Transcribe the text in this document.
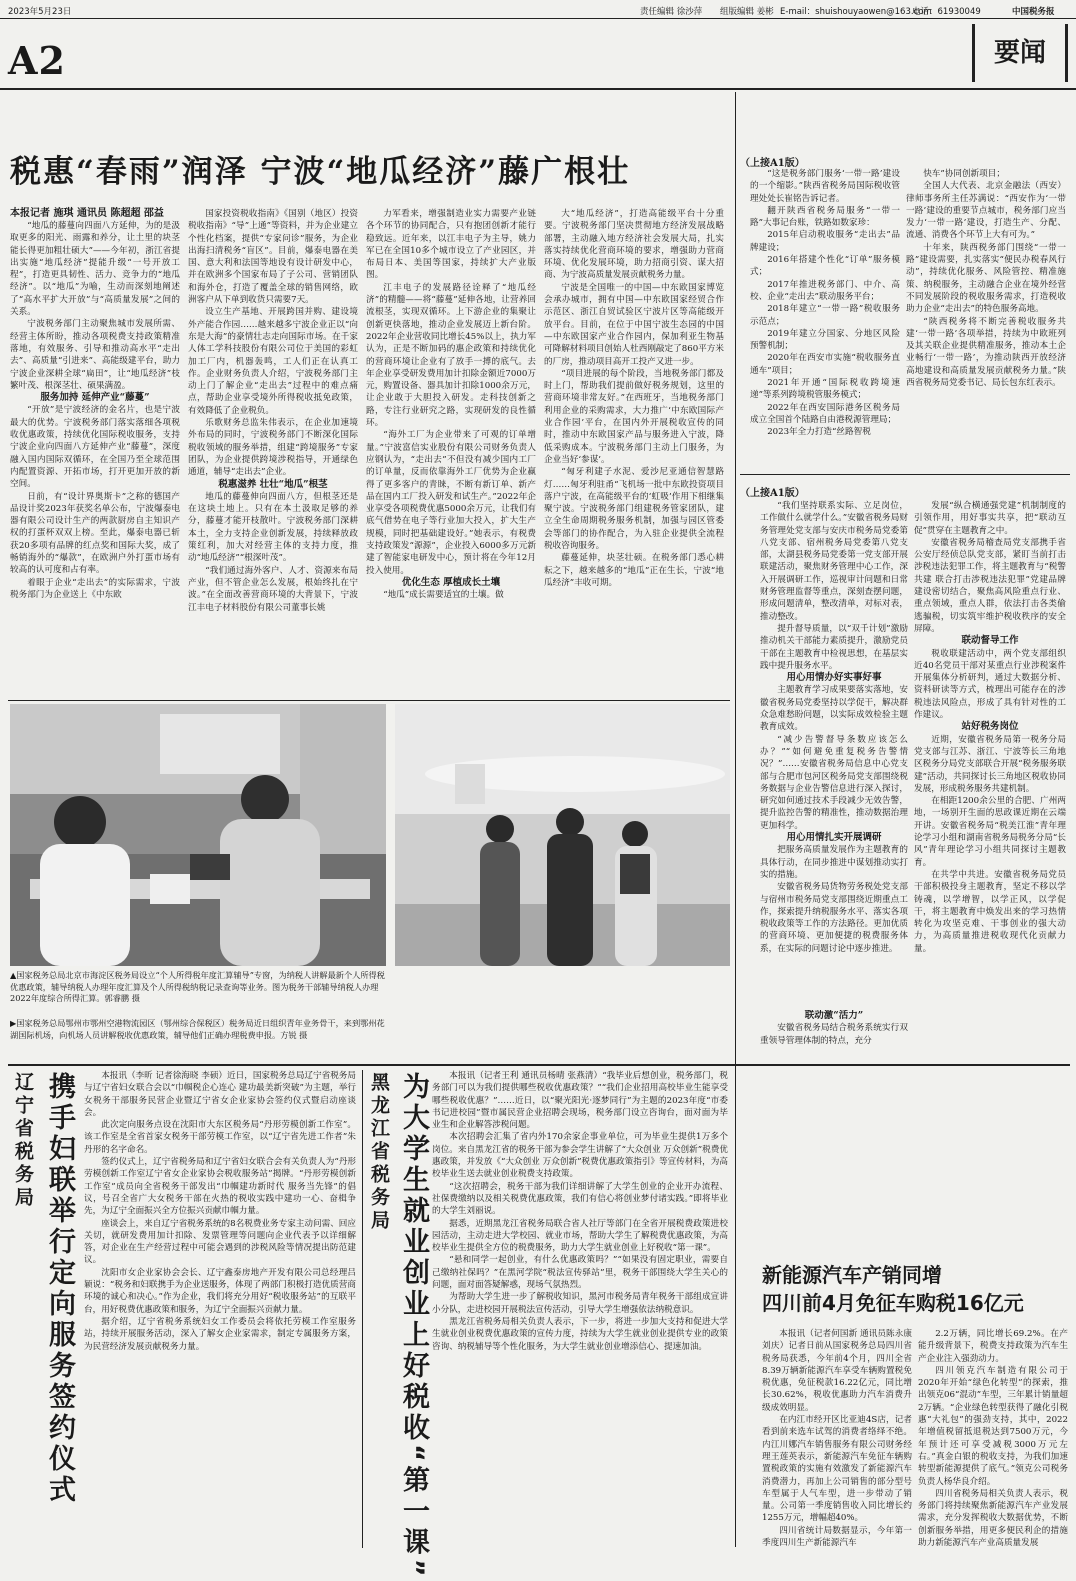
2023年5月23日	责任编辑 徐沙萍 组版编辑 姜彬 E-mail：shuishouyaowen@163.com
电话：61930049	中国税务报
A2	要闻
税惠“春雨”润泽 宁波“地瓜经济”藤广根壮
本报记者 施琪 通讯员 陈超超 邵益

“地瓜的藤蔓向四面八方延伸，为的是汲取更多的阳光、雨露和养分，让土里的块茎能长得更加粗壮硕大”——今年初，浙江省提出实施“地瓜经济”提能升级“一号开放工程”，打造更具韧性、活力、竞争力的“地瓜经济”。以“地瓜”为喻，生动而深刻地阐述了“高水平扩大开放”与“高质量发展”之间的关系。

宁波税务部门主动聚焦城市发展所需、经营主体所盼，推动各项税费支持政策精准落地，有效服务、引导和推动高水平“走出去”、高质量“引进来”、高能级建平台，助力宁波企业深耕全球“扁田”，让“地瓜经济”枝繁叶茂、根深茎壮、硕果满盈。

服务加持 延伸产业“藤蔓”

“开放”是宁波经济的金名片，也是宁波最大的优势。宁波税务部门落实落细各项税收优惠政策，持续优化国际税收服务，支持宁波企业向四面八方延伸产业“藤蔓”，深度融入国内国际双循环，在全国乃至全球范围内配置资源、开拓市场，打开更加开放的新空间。

日前，有“设计界奥斯卡”之称的德国产品设计奖2023年获奖名单公布，宁波爆泰电器有限公司设计生产的两款厨房自主知识产权的打蛋杯双双上榜。至此，爆泰电器已斩获20多项有品牌的红点奖和国际大奖，成了畅销海外的“爆款”，在欧洲户外打蛋市场有较高的认可度和占有率。

着眼于企业“走出去”的实际需求，宁波税务部门为企业送上《中东欧

国家投资税收指南》《国别（地区）投资税收指南》“导”上通”等资料，并为企业建立个性化档案，提供“专家问诊”服务，为企业出海扫清税务“盲区”。目前，爆泰电器在美国、意大利和法国等地设有设计研发中心，并在欧洲多个国家布局了子公司、营销团队和海外仓，打造了覆盖全球的销售网络，欧洲客户从下单到收货只需要7天。

设立生产基地、开展跨国并购、建设境外产能合作园……越来越多宁波企业正以“向东是大海”的豪情壮志走向国际市场。在千家人体工学科技股份有限公司位于美国的彩虹加工厂内，机器轰鸣，工人们正在认真工作。企业财务负责人介绍，宁波税务部门主动上门了解企业“走出去”过程中的难点痛点，帮助企业享受境外所得税收抵免政策，有效降低了企业税负。

乐歌财务总监朱伟表示，在企业加速境外布局的同时，宁波税务部门不断深化国际税收领域的服务举措，组建“跨境服务”专家团队，为企业提供跨境涉税指导，开通绿色通道，辅导“走出去”企业。

税惠滋养 壮壮“地瓜”根茎

地瓜的藤蔓伸向四面八方，但根茎还是在这块土地上。只有在本土汲取足够的养分，藤蔓才能开枝散叶。宁波税务部门深耕本土，全力支持企业创新发展，持续释放政策红利，加大对经营主体的支持力度，推动“地瓜经济”“根深叶茂”。

“我们通过海外客户、人才、资源来布局产业，但不管企业怎么发展，根始终扎在宁波。”在全面改善营商环境的大背景下，宁波江丰电子材料股份有限公司董事长姚

力军看来，增强制造业实力需要产业链各个环节的协同配合，只有抱团创新才能行稳致远。近年来，以江丰电子为主导，姚力军已在全国10多个城市设立了产业园区，并布局日本、美国等国家，持续扩大产业版图。

江丰电子的发展路径诠释了“地瓜经济”的精髓——将“藤蔓”延伸各地，让营养回流根茎，实现双循环。上下游企业的集聚让创新更快落地，推动企业发展迈上新台阶。2022年企业营收同比增长45%以上，执力军认为，正是不断加码的惠企政策和持续优化的营商环境让企业有了放手一搏的底气。去年企业享受研发费用加计扣除金额近7000万元，购置设备、器具加计扣除1000余万元，让企业敢于大胆投入研发。走科技创新之路，专注行业研究之路，实现研发的良性循环。

“海外工厂为企业带来了可观的订单增量。”宁波富信实业股份有限公司财务负责人应钢认为，“走出去”不但没有减少国内工厂的订单量，反而依靠海外工厂优势为企业赢得了更多客户的青睐，不断有新订单、新产品在国内工厂投入研发和试生产。”2022年企业享受各项税费优惠5000余万元，让我们有底气借势在电子等行业加大投入，扩大生产规模，同时把基础建设好。”她表示，有税费支持政策发“源源”，企业投入6000多万元新建了智能家电研发中心，预计将在今年12月投入使用。

优化生态 厚植成长土壤

“地瓜”成长需要适宜的土壤。做

大“地瓜经济”，打造高能级平台十分重要。宁波税务部门坚决贯彻地方经济发展战略部署，主动融入地方经济社会发展大局，扎实落实持续优化营商环境的要求，增强助力营商环境、优化发展环境，助力招商引资、谋大招商、为宁波高质量发展贡献税务力量。

宁波是全国唯一的中国—中东欧国家博览会承办城市，拥有中国—中东欧国家经贸合作示范区、浙江自贸试验区宁波片区等高能级开放平台。目前，在位于中国宁波生态园的中国—中东欧国家产业合作园内，保加利亚生物基可降解材料项目创始人杜西刚敲定了860平方米的厂房，推动项目高开工投产又进一步。

“项目进展的每个阶段，当地税务部门都及时上门，帮助我们提前做好税务规划，这里的营商环境非常友好。”在西班牙，当地税务部门利用企业的采购需求，大力推广‘中东欧国际产业合作园’平台，在国内外开展税收宣传的同时，推动中东欧国家产品与服务进入宁波，降低采购成本。宁波税务部门主动上门服务，为企业当好‘参谋’。

“匈牙利建子水泥、爱沙尼亚通信智慧路灯……匈牙利驻甬“飞机场一批中东欧投资项目落户宁波，在高能级平台的‘虹吸’作用下相继集聚宁波。宁波税务部门组建税务管家团队，建立全生命周期税务服务机制，加强与园区管委会等部门的协作配合，为入驻企业提供全流程税收咨询服务。

藤蔓延伸，块茎壮硕。在税务部门悉心耕耘之下，越来越多的“地瓜”正在生长，宁波“地瓜经济”丰收可期。

▲国家税务总局北京市海淀区税务局设立“个人所得税年度汇算辅导”专窗，为纳税人讲解最新个人所得税优惠政策，辅导纳税人办理年度汇算及个人所得税纳税记录查询等业务。图为税务干部辅导纳税人办理2022年度综合所得汇算。郭睿鹏 摄
▶国家税务总局鄂州市鄂州空港物流园区（鄂州综合保税区）税务局近日组织青年业务骨干，来到鄂州花湖国际机场，向机场人员讲解税收优惠政策，辅导他们正确办理税费申报。方锐 摄
（上接A1版）

“这是税务部门服务‘一带一路’建设的一个缩影。”陕西省税务局国际税收管理处处长崔铭告诉记者。

翻开陕西省税务局服务“一带一路”大事记台账，铁路如数家珍：

2015年启动税收服务“走出去”品牌建设；

2016年搭建个性化“订单”服务模式；

2017年推进税务部门、中介、高校、企业“走出去”联动服务平台；

2018年建立“一带一路”税收服务示范点；

2019年建立分国家、分地区风险预警机制；

2020年在西安市实施“税收服务直通车”项目；

2021年开通“国际税收跨境速递”等系列跨境税管服务模式；

2022年在西安国际港务区税务局成立全国首个陆路自由港税源管理局；

2023年全力打造“丝路智税

快车”协同创新项目；

全国人大代表、北京金融法（西安）律师事务所主任苏满说：“西安作为‘一带一路’建设的重要节点城市，税务部门应当发力‘一带一路’建设，打造生产、分配、流通、消费各个环节上大有可为。”

十年来，陕西税务部门围绕“一带一路”建设需要，扎实落实“便民办税春风行动”，持续优化服务、风险管控、精准施策、纳税服务，主动融合企业在境外经营不同发展阶段的税收服务需求，打造税收助力企业“走出去”的特色服务高地。

“陕西税务将不断完善税收服务共建‘一带一路’各项举措，持续为中欧班列及其关联企业提供精准服务，推动本土企业畅行‘一带一路’，为推动陕西开放经济高地建设和高质量发展贡献税务力量。”陕西省税务局党委书记、局长包东红表示。

（上接A1版）

“我们坚持联系实际、立足岗位，工作做什么就学什么。”安徽省税务局财务管理处党支部与安庆市税务局党委第八党支部、宿州税务局党委第八党支部，太湖县税务局党委第一党支部开展联建活动，聚焦财务管理中心工作，深入开展调研工作，巡视审计问题和日常财务管理监督等重点，深刻查摆问题，形成问题清单，整改清单，对标对表，推动整改。

提升督导质量，以“双千计划”激励推动机关干部能力素质提升，激励党员干部在主题教育中检视思想，在基层实践中提升服务水平。

用心用情办好实事好事

主题教育学习成果要落实落地，安徽省税务局党委坚持以学促干，解决群众急难愁盼问题，以实际成效检验主题教育成效。

“减少告警督导条数应该怎么办？”“如何避免重复税务告警情况？”……安徽省税务局信息中心党支部与合肥市包河区税务局党支部围绕税务数据与企业告警信息进行深入探讨，研究如何通过技术手段减少无效告警，提升监控告警的精准性，推动数据治理更加科学。

用心用情扎实开展调研

把服务高质量发展作为主题教育的具体行动，在同步推进中谋划推动实打实的措施。

安徽省税务局货物劳务税处党支部与宿州市税务局党支部围绕近期重点工作，探索提升纳税服务水平、落实各项税收政策等工作的方法路径。更加优质的营商环境、更加便捷的税费服务体系，在实际的问题讨论中逐步推进。

发展“纵合横通强党建”机制制度的引领作用，用好事实共享，把“联动互促”贯穿在主题教育之中。

安徽省税务局稽查局党支部携手省公安厅经侦总队党支部，紧盯当前打击涉税违法犯罪工作，将主题教育与“税警共建 联合打击涉税违法犯罪”党建品牌建设密切结合，聚焦高风险重点行业、重点领域，重点人群，依法打击各类偷逃骗税，切实筑牢维护税收秩序的安全屏障。

联动督导工作

税收联建活动中，两个党支部组织近40名党员干部对某重点行业涉税案件开展集体分析研判，通过大数据分析、资料研读等方式，梳理出可能存在的涉税违法风险点，形成了具有针对性的工作建议。

站好税务岗位

近期，安徽省税务局第一税务分局党支部与江苏、浙江、宁波等长三角地区税务分局党支部联合开展“税务服务联建”活动，共同探讨长三角地区税收协同发展，形成税务服务共建机制。

在相距1200余公里的合肥、广州两地，一场别开生面的思政课近期在云端开讲。安徽省税务局“税美江淮”青年理论学习小组和湖南省税务局税务分局“长风”青年理论学习小组共同探讨主题教育。

在共学中共进。安徽省税务局党员干部积极投身主题教育，坚定不移以学铸魂，以学增智，以学正风，以学促干，将主题教育中焕发出来的学习热情转化为攻坚克难、干事创业的强大动力，为高质量推进税收现代化贡献力量。

联动激“活力”

安徽省税务局结合税务系统实行双重领导管理体制的特点，充分

辽宁省税务局 携手妇联举行定向服务签约仪式	本报讯（李昕 记者徐海晓 李硕）近日，国家税务总局辽宁省税务局与辽宁省妇女联合会以“巾帼税企心连心 建功最美新突破”为主题，举行女税务干部服务民营企业暨辽宁省女企业家协会签约仪式暨启动座谈会。

此次定向服务点设在沈阳市大东区税务局“丹形劳模创新工作室”。该工作室是全省首家女税务干部劳模工作室，以“辽宁省先进工作者”朱丹形的名字命名。

签约仪式上，辽宁省税务局和辽宁省妇女联合会有关负责人为“丹形劳模创新工作室辽宁省女企业家协会税收服务站”揭牌。“丹形劳模创新工作室”成员向全省税务干部发出“巾帼建功新时代 服务当先锋”的倡议，号召全省广大女税务干部在火热的税收实践中建功一心、奋楫争先，为辽宁全面振兴全方位振兴贡献巾帼力量。

座谈会上，来自辽宁省税务系统的8名税费业务专家主动问需、回应关切，就研发费用加计扣除、发票管理等问题向企业代表予以详细解答，对企业在生产经营过程中可能会遇到的涉税风险等情况提出防范建议。

沈阳市女企业家协会会长、辽宁鑫泰房地产开发有限公司总经理吕颖说：“税务和妇联携手为企业送服务，体现了两部门积极打造优质营商环境的诚心和决心。”作为企业，我们将充分用好“税收服务站”的互联平台，用好税费优惠政策和服务，为辽宁全面振兴贡献力量。

据介绍，辽宁省税务系统妇女工作委员会将依托劳模工作室服务站，持续开展服务活动，深入了解女企业家需求，制定专属服务方案，为民营经济发展贡献税务力量。

黑龙江省税务局 为大学生就业创业上好税收“第一课”	本报讯（记者王利 通讯员杨晴 张燕清）“我毕业后想创业，税务部门，税务部门可以为我们提供哪些税收优惠政策？”“我们企业招用高校毕业生能享受哪些税收优惠？”……近日，以“聚光阳光·逐梦同行”为主题的2023年度“市委书记进校园”暨市属民营企业招聘会现场，税务部门设立咨询台，面对面为毕业生和企业解答涉税问题。

本次招聘会汇集了省内外170余家企事业单位，可为毕业生提供1万多个岗位。来自黑龙江省的税务干部为参会学生讲解了“大众创业 万众创新”税费优惠政策，并发放《“大众创业 万众创新”税费优惠政策指引》等宣传材料，为高校毕业生送去就业创业税费支持政策。

“这次招聘会，税务干部为我们详细讲解了大学生创业的企业开办流程、社保费缴纳以及相关税费优惠政策，我们有信心将创业梦付诸实践。”即将毕业的大学生刘丽说。

据悉，近期黑龙江省税务局联合省人社厅等部门在全省开展税费政策进校园活动，主动走进大学校园、就业市场，帮助大学生了解税费优惠政策，为高校毕业生提供全方位的税费服务，助力大学生就业创业上好税收“第一课”。

“悬和同学一起创业，有什么优惠政策吗？”“如果没有固定职业，需要自己缴纳社保吗？”在黑河学院“税法宣传驿站”里，税务干部围绕大学生关心的问题，面对面答疑解惑，现场气氛热烈。

为帮助大学生进一步了解税收知识，黑河市税务局青年税务干部组成宣讲小分队，走进校园开展税法宣传活动，引导大学生增强依法纳税意识。

黑龙江省税务局相关负责人表示，下一步，将进一步加大支持和促进大学生就业创业税费优惠政策的宣传力度，持续为大学生就业创业提供专业的政策咨询、纳税辅导等个性化服务，为大学生就业创业增添信心、提速加油。

新能源汽车产销同增
四川前4月免征车购税16亿元

本报讯（记者何国新 通讯员陈永康 刘庆）记者日前从国家税务总局四川省税务局获悉，今年前4个月，四川全省8.39万辆新能源汽车享受车辆购置税免税优惠，免征税款16.22亿元，同比增长30.62%，税收优惠助力汽车消费升级成效明显。

在内江市经开区比亚迪4S店，记者看到前来选车试驾的消费者络绎不绝。内江川娜汽车销售服务有限公司财务经理王莲英表示，新能源汽车免征车辆购置税政策的实施有效激发了新能源汽车消费潜力，再加上公司销售的部分型号车型属于人气车型，进一步带动了销量。公司第一季度销售收入同比增长约1255万元，增幅超40%。

四川省统计局数据显示，今年第一季度四川生产新能源汽车

2.2万辆，同比增长69.2%。在产能升级背景下，税费支持政策为汽车生产企业注入强劲动力。

四川领克汽车制造有限公司于2020年开始“绿色化转型”的探索，推出领克06“混动”车型，三年累计销量超2万辆。“企业绿色转型获得了融化引税惠“大礼包”的强劲支持，其中，2022年增值税留抵退税达到7500万元，今年预计还可享受减税3000万元左右。”真金白银的税收支持，为我们加速转型新能源提供了底气。”领克公司税务负责人杨华良介绍。

四川省税务局相关负责人表示，税务部门将持续聚焦新能源汽车产业发展需求，充分发挥税收大数据优势，不断创新服务举措，用更多便民利企的措施助力新能源汽车产业高质量发展
